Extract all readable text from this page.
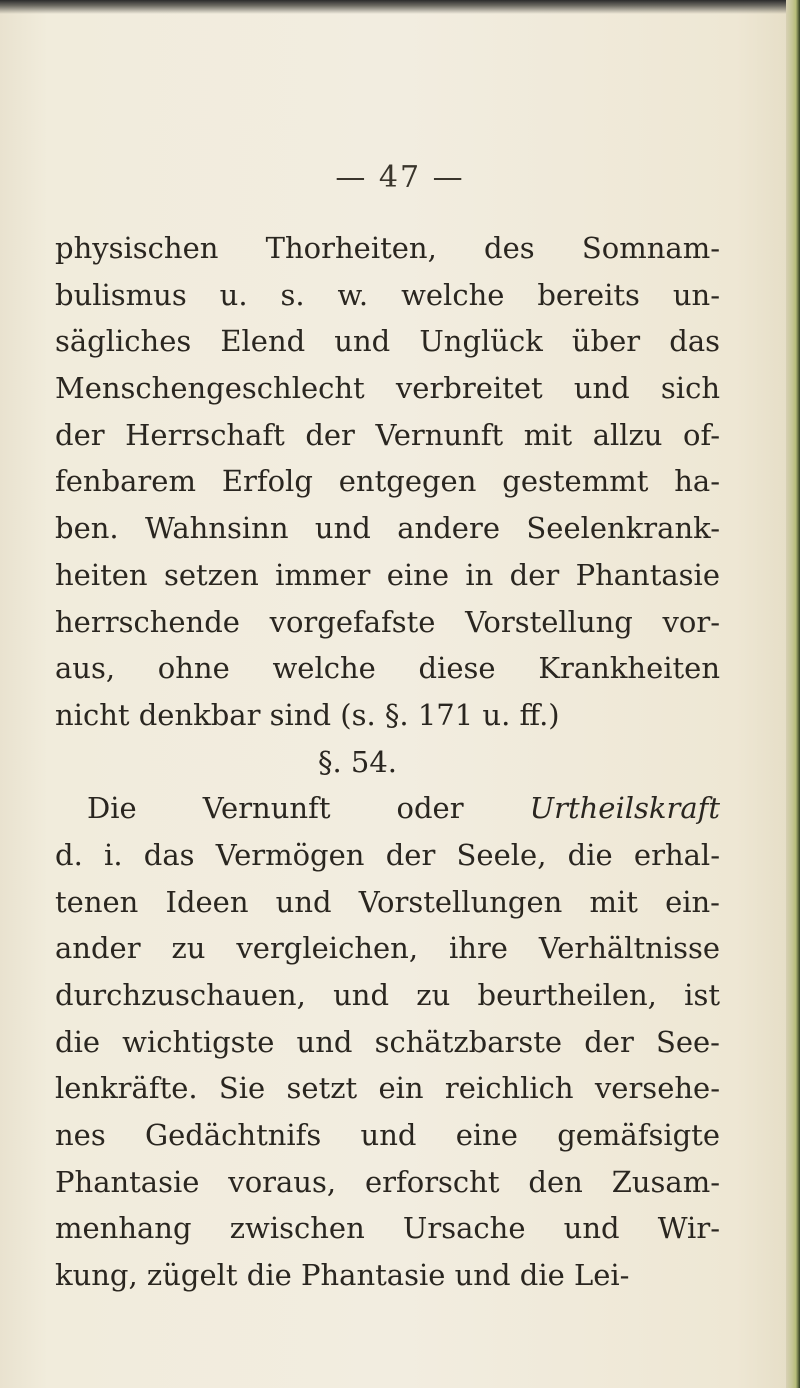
— 47 —
physischen Thorheiten, des Somnam-
bulismus u. s. w. welche bereits un-
sägliches Elend und Unglück über das
Menschengeschlecht verbreitet und sich
der Herrschaft der Vernunft mit allzu of-
fenbarem Erfolg entgegen gestemmt ha-
ben. Wahnsinn und andere Seelenkrank-
heiten setzen immer eine in der Phantasie
herrschende vorgefafste Vorstellung vor-
aus, ohne welche diese Krankheiten
nicht denkbar sind (s. §. 171 u. ff.)
§. 54.
Die Vernunft oder Urtheilskraft
d. i. das Vermögen der Seele, die erhal-
tenen Ideen und Vorstellungen mit ein-
ander zu vergleichen, ihre Verhältnisse
durchzuschauen, und zu beurtheilen, ist
die wichtigste und schätzbarste der See-
lenkräfte. Sie setzt ein reichlich versehe-
nes Gedächtnifs und eine gemäfsigte
Phantasie voraus, erforscht den Zusam-
menhang zwischen Ursache und Wir-
kung, zügelt die Phantasie und die Lei-
